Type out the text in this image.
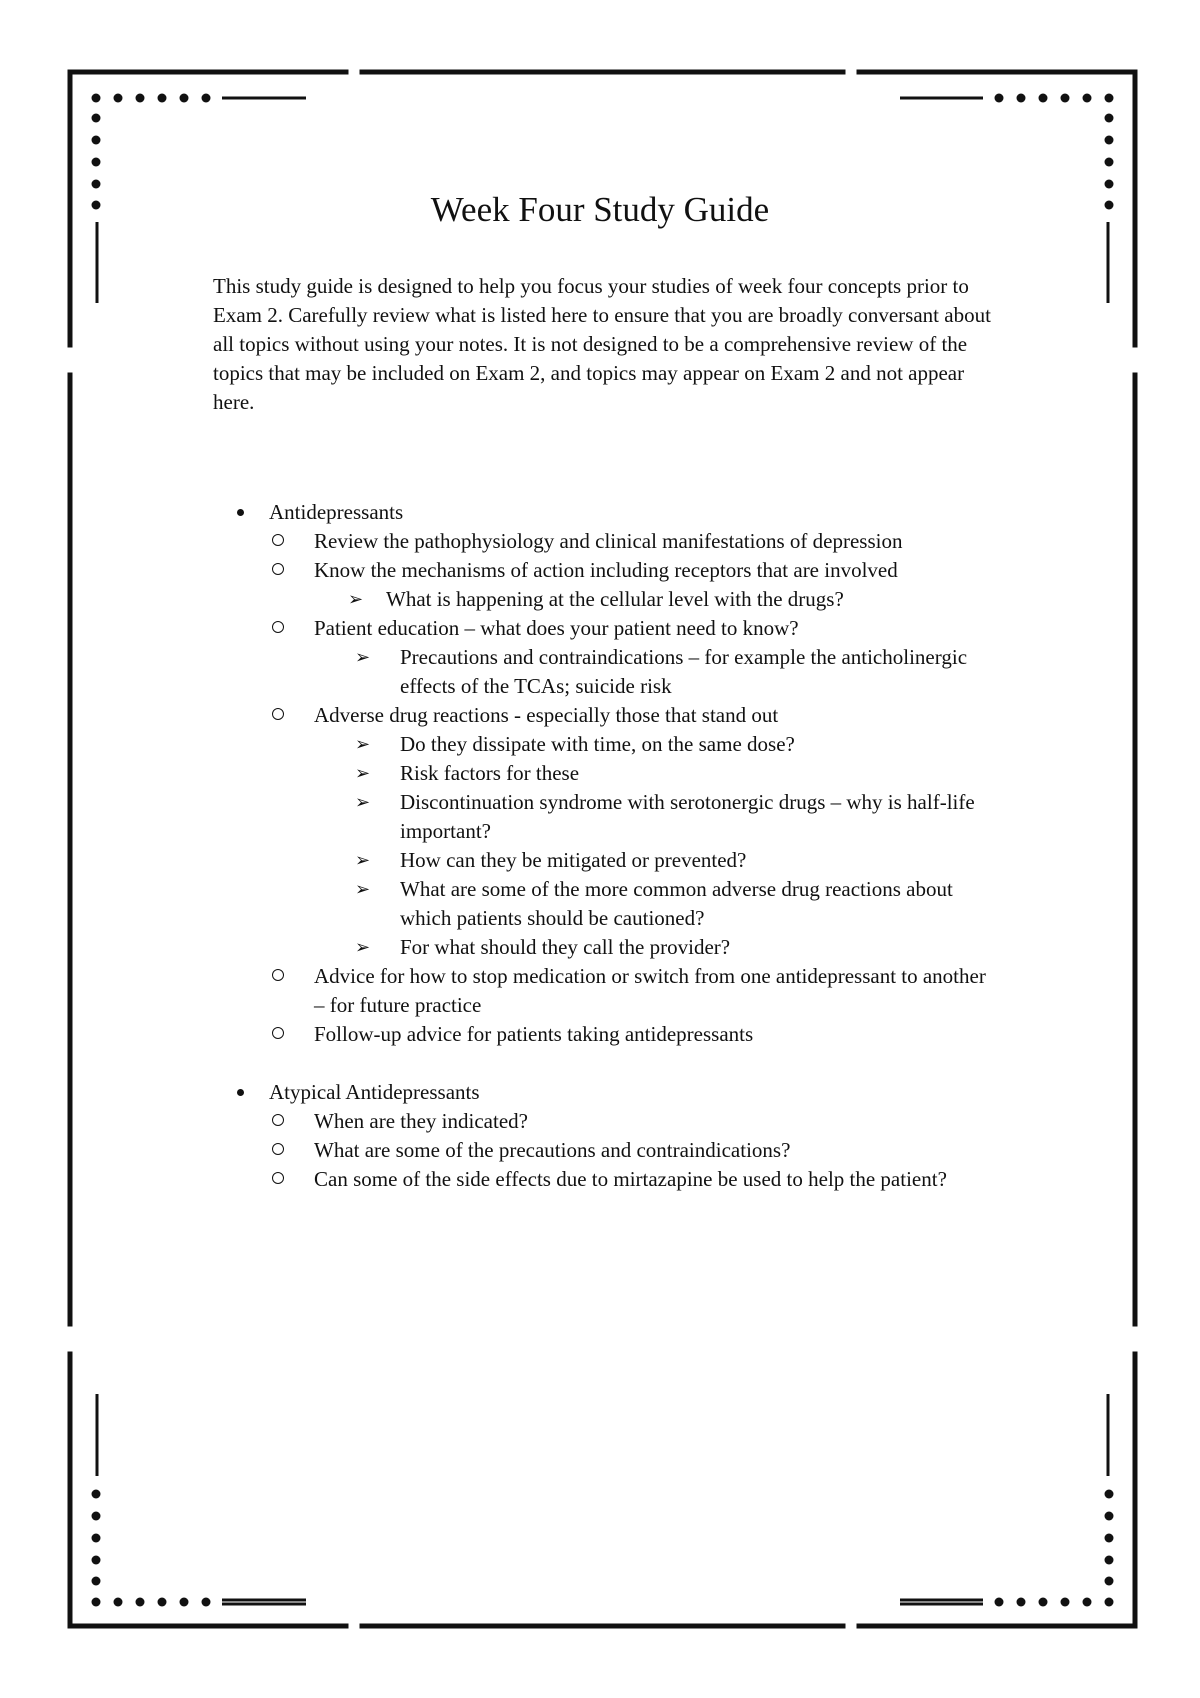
Week Four Study Guide

This study guide is designed to help you focus your studies of week four concepts prior to Exam 2. Carefully review what is listed here to ensure that you are broadly conversant about all topics without using your notes. It is not designed to be a comprehensive review of the topics that may be included on Exam 2, and topics may appear on Exam 2 and not appear here.

Antidepressants
Review the pathophysiology and clinical manifestations of depression
Know the mechanisms of action including receptors that are involved
➢ What is happening at the cellular level with the drugs?
Patient education – what does your patient need to know?
➢ Precautions and contraindications – for example the anticholinergic effects of the TCAs; suicide risk
Adverse drug reactions - especially those that stand out
➢ Do they dissipate with time, on the same dose?
➢ Risk factors for these
➢ Discontinuation syndrome with serotonergic drugs – why is half-life important?
➢ How can they be mitigated or prevented?
➢ What are some of the more common adverse drug reactions about which patients should be cautioned?
➢ For what should they call the provider?
Advice for how to stop medication or switch from one antidepressant to another – for future practice
Follow-up advice for patients taking antidepressants
Atypical Antidepressants
When are they indicated?
What are some of the precautions and contraindications?
Can some of the side effects due to mirtazapine be used to help the patient?
